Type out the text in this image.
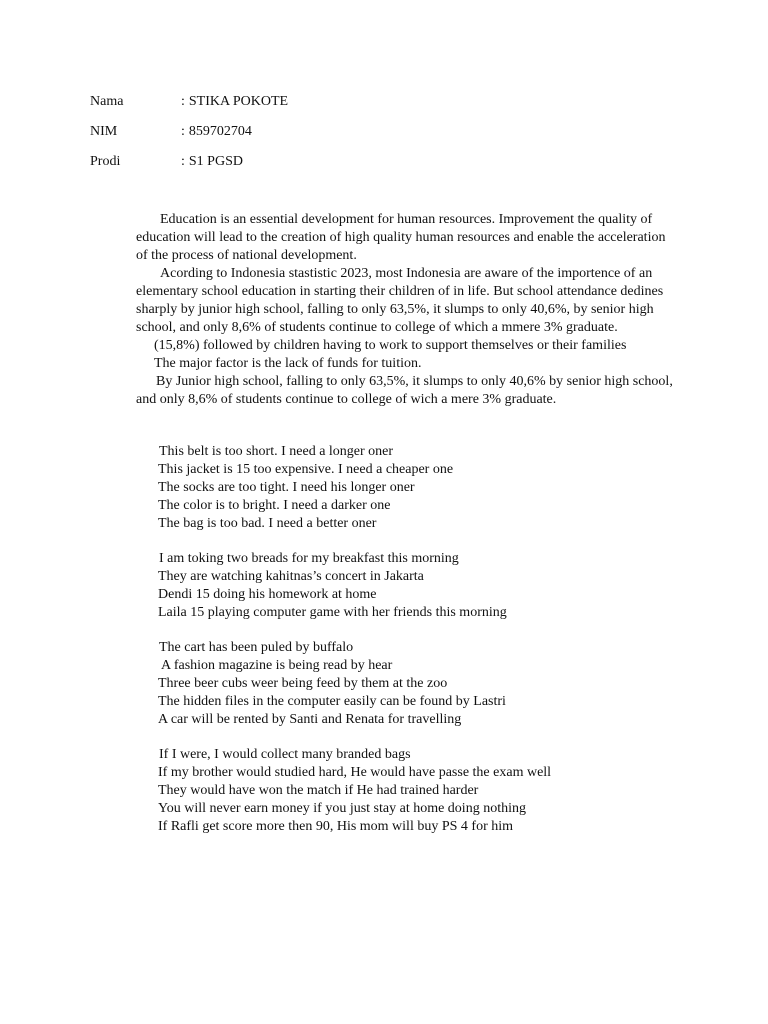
Nama	: STIKA POKOTE
NIM	: 859702704
Prodi	: S1 PGSD

Education is an essential development for human resources. Improvement the quality of education will lead to the creation of high quality human resources and enable the acceleration of the process of national development.

Acording to Indonesia stastistic 2023, most Indonesia are aware of the importence of an elementary school education in starting their children of in life. But school attendance dedines sharply by junior high school, falling to only 63,5%, it slumps to only 40,6%, by senior high school, and only 8,6% of students continue to college of which a mmere 3% graduate.

(15,8%) followed by children having to work to support themselves or their families

The major factor is the lack of funds for tuition.

By Junior high school, falling to only 63,5%, it slumps to only 40,6% by senior high school, and only 8,6% of students continue to college of wich a mere 3% graduate.

This belt is too short. I need a longer oner
This jacket is 15 too expensive. I need a cheaper one
The socks are too tight. I need his longer oner
The color is to bright. I need a darker one
The bag is too bad. I need a better oner
I am toking two breads for my breakfast this morning
They are watching kahitnas’s concert in Jakarta
Dendi 15 doing his homework at home
Laila 15 playing computer game with her friends this morning
The cart has been puled by buffalo
A fashion magazine is being read by hear
Three beer cubs weer being feed by them at the zoo
The hidden files in the computer easily can be found by Lastri
A car will be rented by Santi and Renata for travelling
If I were, I would collect many branded bags
If my brother would studied hard, He would have passe the exam well
They would have won the match if He had trained harder
You will never earn money if you just stay at home doing nothing
If Rafli get score more then 90, His mom will buy PS 4 for him
